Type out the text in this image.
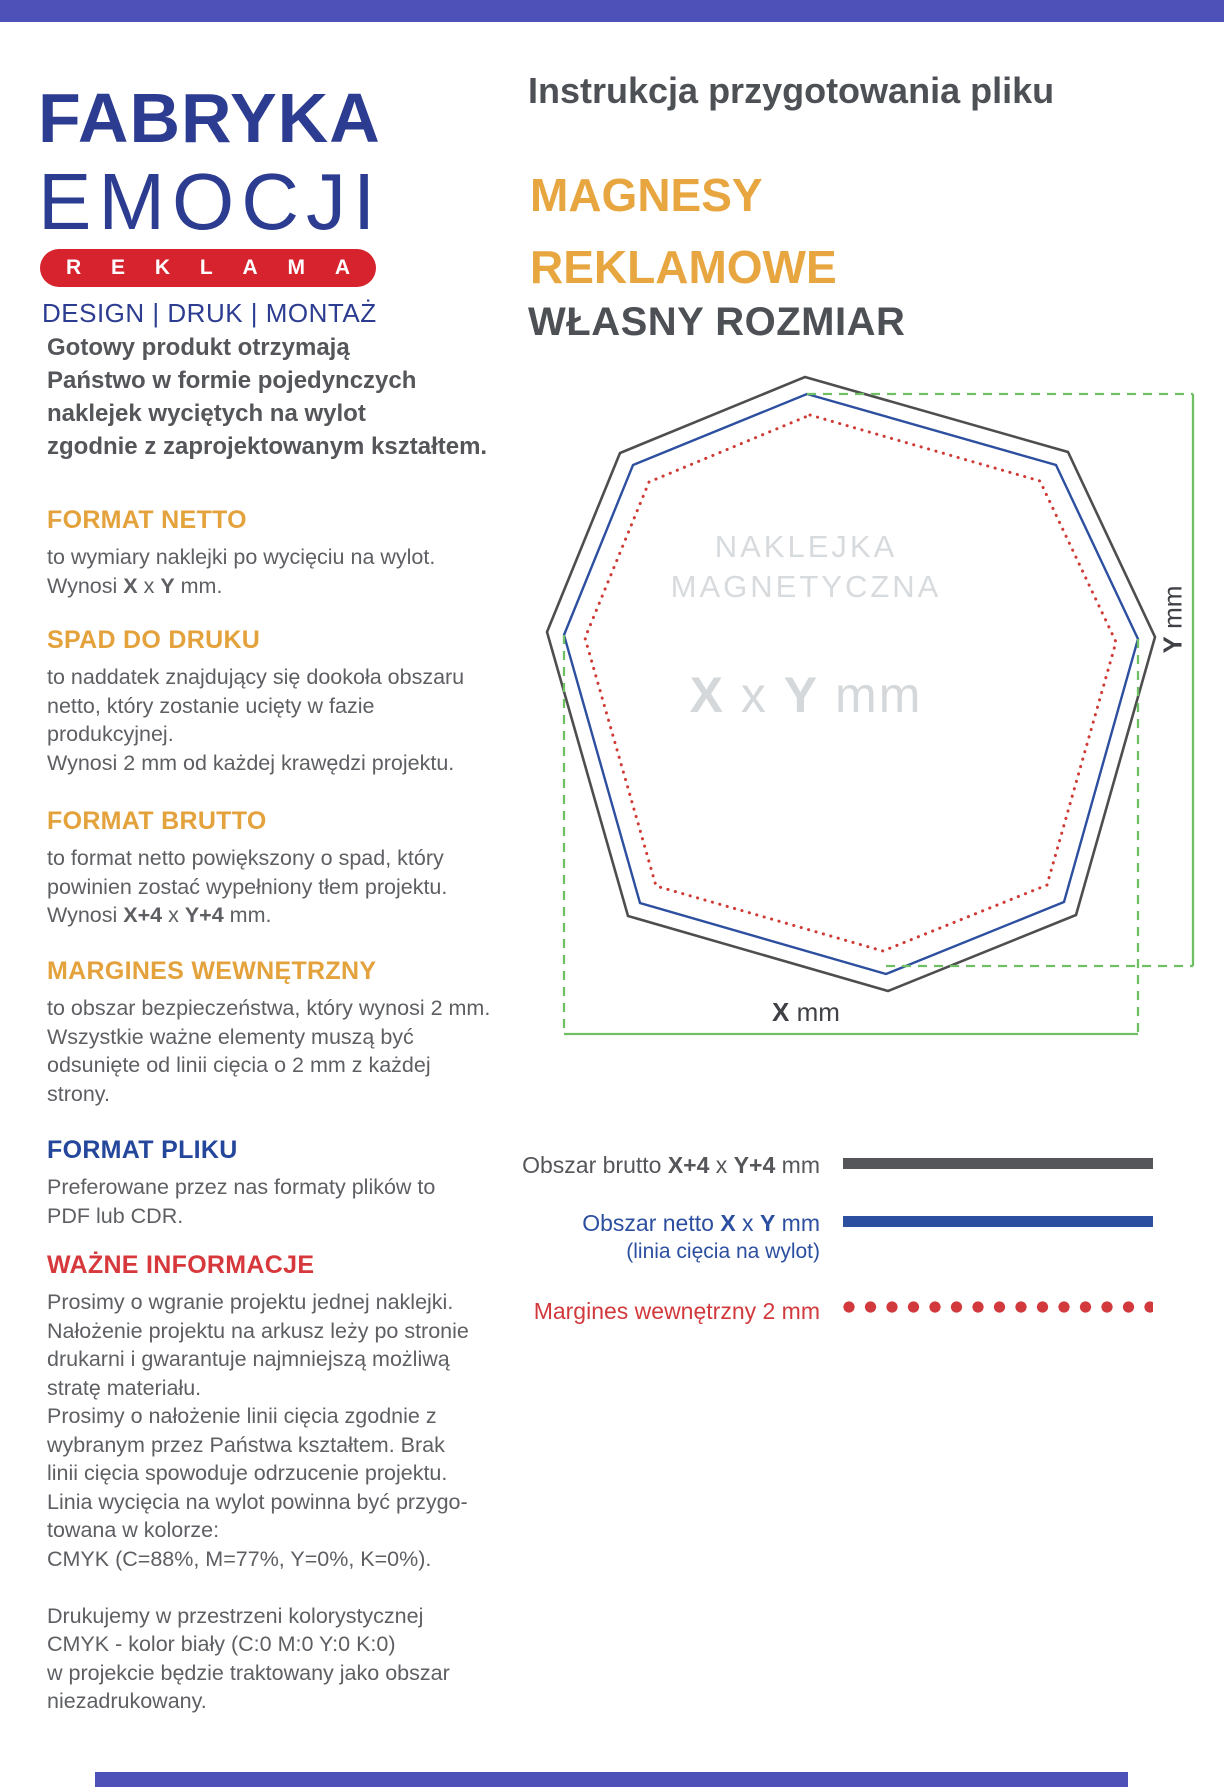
FABRYKA
EMOCJI
R E K L A M A
DESIGN | DRUK | MONTAŻ
Instrukcja przygotowania pliku
MAGNESY
REKLAMOWE
WŁASNY ROZMIAR
Gotowy produkt otrzymają
Państwo w formie pojedynczych
naklejek wyciętych na wylot
zgodnie z zaprojektowanym kształtem.
FORMAT NETTO
to wymiary naklejki po wycięciu na wylot.
Wynosi X x Y mm.
SPAD DO DRUKU
to naddatek znajdujący się dookoła obszaru
netto, który zostanie ucięty w fazie
produkcyjnej.
Wynosi 2 mm od każdej krawędzi projektu.
FORMAT BRUTTO
to format netto powiększony o spad, który
powinien zostać wypełniony tłem projektu.
Wynosi X+4 x Y+4 mm.
MARGINES WEWNĘTRZNY
to obszar bezpieczeństwa, który wynosi 2 mm.
Wszystkie ważne elementy muszą być
odsunięte od linii cięcia o 2 mm z każdej
strony.
FORMAT PLIKU
Preferowane przez nas formaty plików to
PDF lub CDR.
WAŻNE INFORMACJE
Prosimy o wgranie projektu jednej naklejki.
Nałożenie projektu na arkusz leży po stronie
drukarni i gwarantuje najmniejszą możliwą
stratę materiału.
Prosimy o nałożenie linii cięcia zgodnie z
wybranym przez Państwa kształtem. Brak
linii cięcia spowoduje odrzucenie projektu.
Linia wycięcia na wylot powinna być przygo-
towana w kolorze:
CMYK (C=88%, M=77%, Y=0%, K=0%).

Drukujemy w przestrzeni kolorystycznej
CMYK - kolor biały (C:0 M:0 Y:0 K:0)
w projekcie będzie traktowany jako obszar
niezadrukowany.
NAKLEJKA
MAGNETYCZNA
X x Y mm
X mm
Y mm
Obszar brutto X+4 x Y+4 mm
Obszar netto X x Y mm
(linia cięcia na wylot)
Margines wewnętrzny 2 mm
